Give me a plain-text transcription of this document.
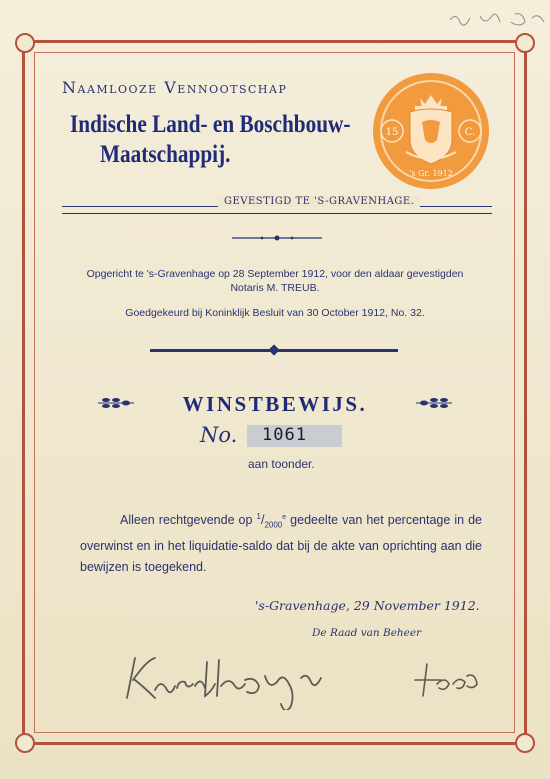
Naamlooze Vennootschap
Indische Land- en Boschbouw-
Maatschappij.
15	C.
's Gr. 1912
GEVESTIGD TE 'S-GRAVENHAGE.
Opgericht te 's-Gravenhage op 28 September 1912, voor den aldaar gevestigden
Notaris M. TREUB.
Goedgekeurd bij Koninklijk Besluit van 30 October 1912, No. 32.
WINSTBEWIJS.
No. 1061
aan toonder.
Alleen rechtgevende op $^1/_{2000}^e$ gedeelte van het percentage in de overwinst en in het liquidatie-saldo dat bij de akte van oprichting aan die bewijzen is toegekend.
's-Gravenhage, 29 November 1912.
De Raad van Beheer
